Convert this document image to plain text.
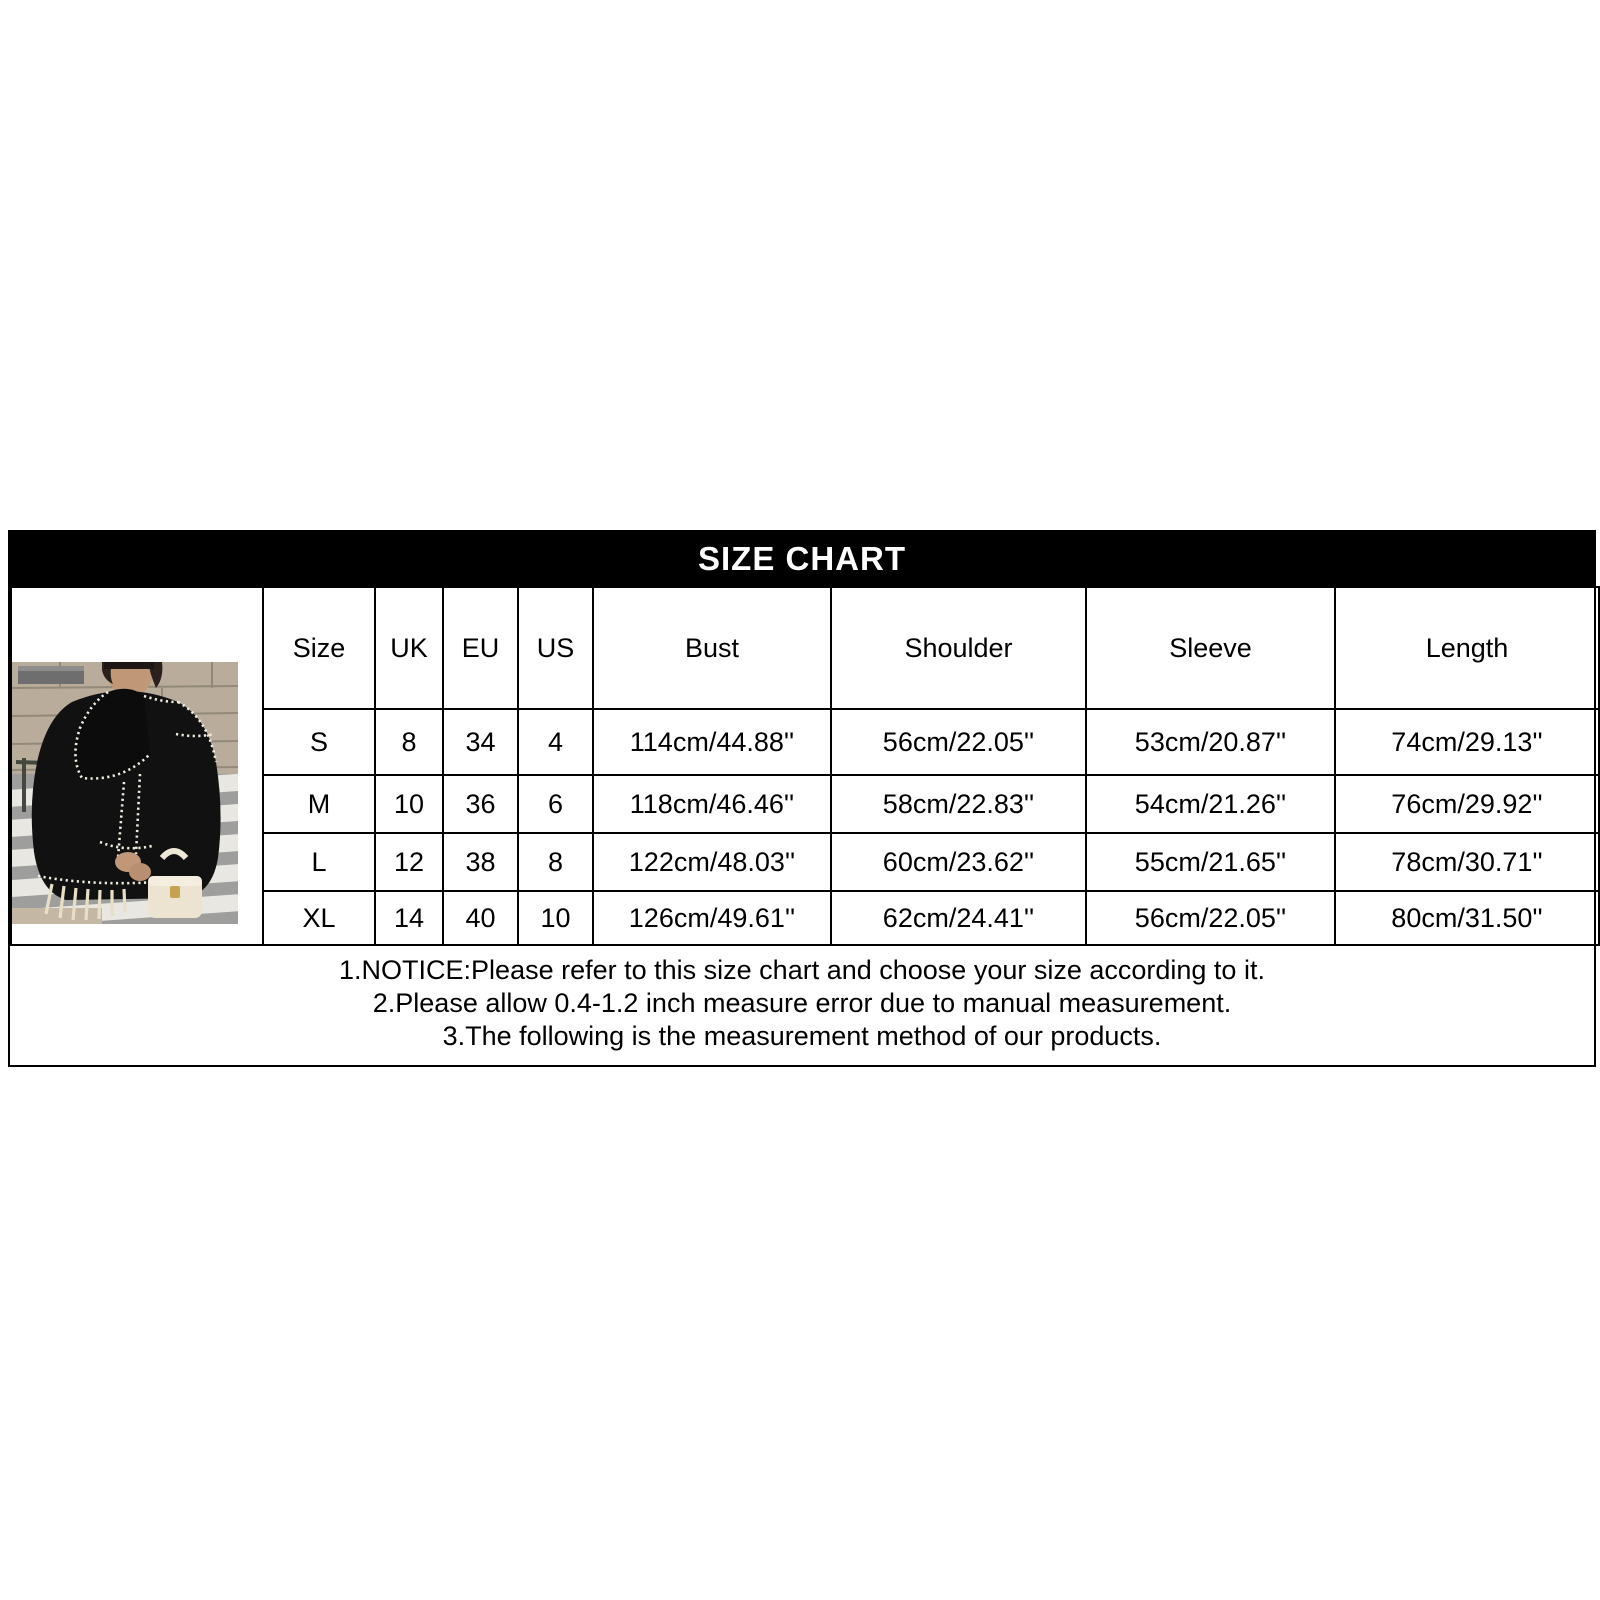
SIZE CHART
	Size	UK	EU	US	Bust	Shoulder	Sleeve	Length
	S	8	34	4	114cm/44.88''	56cm/22.05''	53cm/20.87''	74cm/29.13''
	M	10	36	6	118cm/46.46''	58cm/22.83''	54cm/21.26''	76cm/29.92''
	L	12	38	8	122cm/48.03''	60cm/23.62''	55cm/21.65''	78cm/30.71''
	XL	14	40	10	126cm/49.61''	62cm/24.41''	56cm/22.05''	80cm/31.50''
1.NOTICE:Please refer to this size chart and choose your size according to it.
2.Please allow 0.4-1.2 inch measure error due to manual measurement.
3.The following is the measurement method of our products.
